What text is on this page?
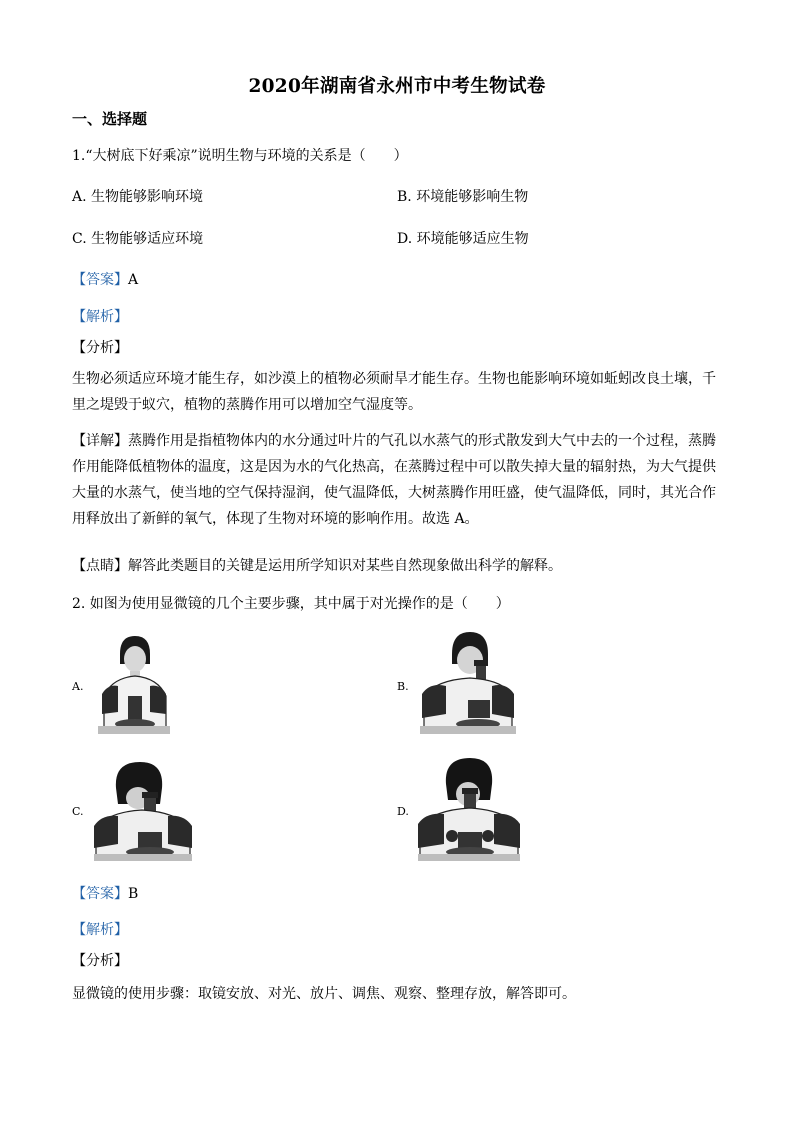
2020年湖南省永州市中考生物试卷
一、选择题
1.“大树底下好乘凉”说明生物与环境的关系是（　　）
A. 生物能够影响环境	B. 环境能够影响生物
C. 生物能够适应环境	D. 环境能够适应生物
【答案】A
【解析】
【分析】
生物必须适应环境才能生存，如沙漠上的植物必须耐旱才能生存。生物也能影响环境如蚯蚓改良土壤，千
里之堤毁于蚁穴，植物的蒸腾作用可以增加空气湿度等。
【详解】蒸腾作用是指植物体内的水分通过叶片的气孔以水蒸气的形式散发到大气中去的一个过程，蒸腾
作用能降低植物体的温度，这是因为水的气化热高，在蒸腾过程中可以散失掉大量的辐射热，为大气提供
大量的水蒸气，使当地的空气保持湿润，使气温降低，大树蒸腾作用旺盛，使气温降低，同时，其光合作
用释放出了新鲜的氧气，体现了生物对环境的影响作用。故选 A。
【点睛】解答此类题目的关键是运用所学知识对某些自然现象做出科学的解释。
2. 如图为使用显微镜的几个主要步骤，其中属于对光操作的是（　　）
A.	B.
C.	D.
【答案】B
【解析】
【分析】
显微镜的使用步骤：取镜安放、对光、放片、调焦、观察、整理存放，解答即可。
